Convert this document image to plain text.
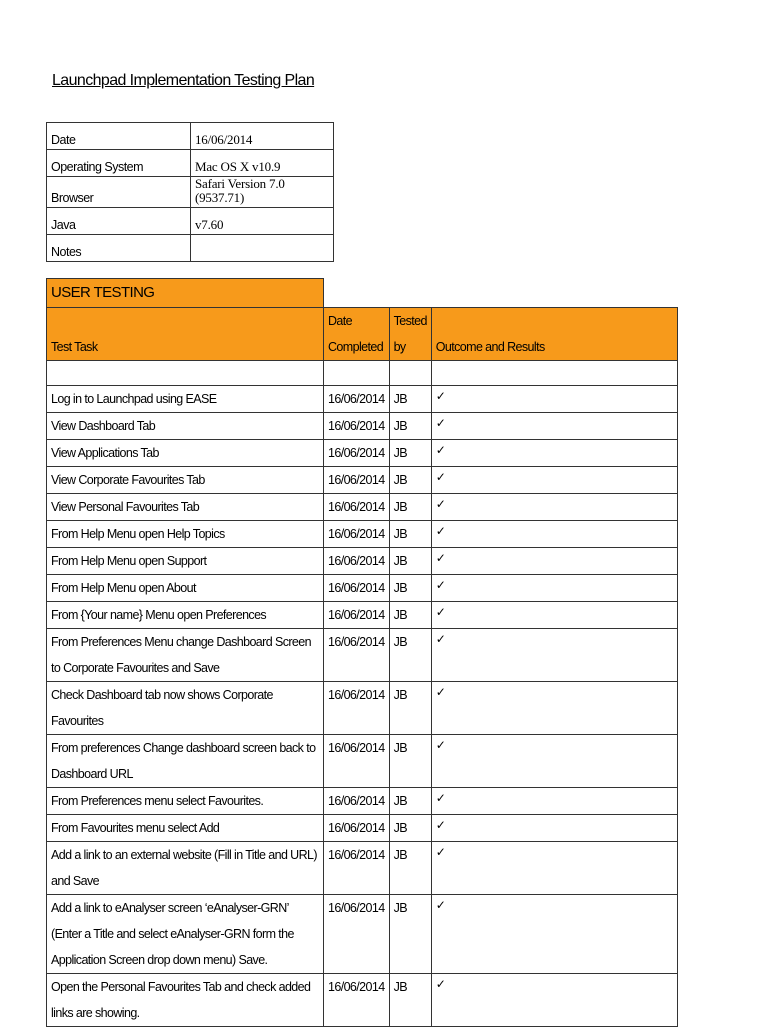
Launchpad Implementation Testing Plan
Date	16/06/2014
Operating System	Mac OS X v10.9
Browser	Safari Version 7.0 (9537.71)
Java	v7.60
Notes	
USER TESTING			
Test Task	Date Completed	Tested by	Outcome and Results

Log in to Launchpad using EASE	16/06/2014	JB	✓
View Dashboard Tab	16/06/2014	JB	✓
View Applications Tab	16/06/2014	JB	✓
View Corporate Favourites Tab	16/06/2014	JB	✓
View Personal Favourites Tab	16/06/2014	JB	✓
From Help Menu open Help Topics	16/06/2014	JB	✓
From Help Menu open Support	16/06/2014	JB	✓
From Help Menu open About	16/06/2014	JB	✓
From {Your name} Menu open Preferences	16/06/2014	JB	✓
From Preferences Menu change Dashboard Screen to Corporate Favourites and Save	16/06/2014	JB	✓
Check Dashboard tab now shows Corporate Favourites	16/06/2014	JB	✓
From preferences Change dashboard screen back to Dashboard URL	16/06/2014	JB	✓
From Preferences menu select Favourites.	16/06/2014	JB	✓
From Favourites menu select Add	16/06/2014	JB	✓
Add a link to an external website (Fill in Title and URL) and Save	16/06/2014	JB	✓
Add a link to eAnalyser screen ‘eAnalyser-GRN’ (Enter a Title and select eAnalyser-GRN form the Application Screen drop down menu) Save.	16/06/2014	JB	✓
Open the Personal Favourites Tab and check added links are showing.	16/06/2014	JB	✓
